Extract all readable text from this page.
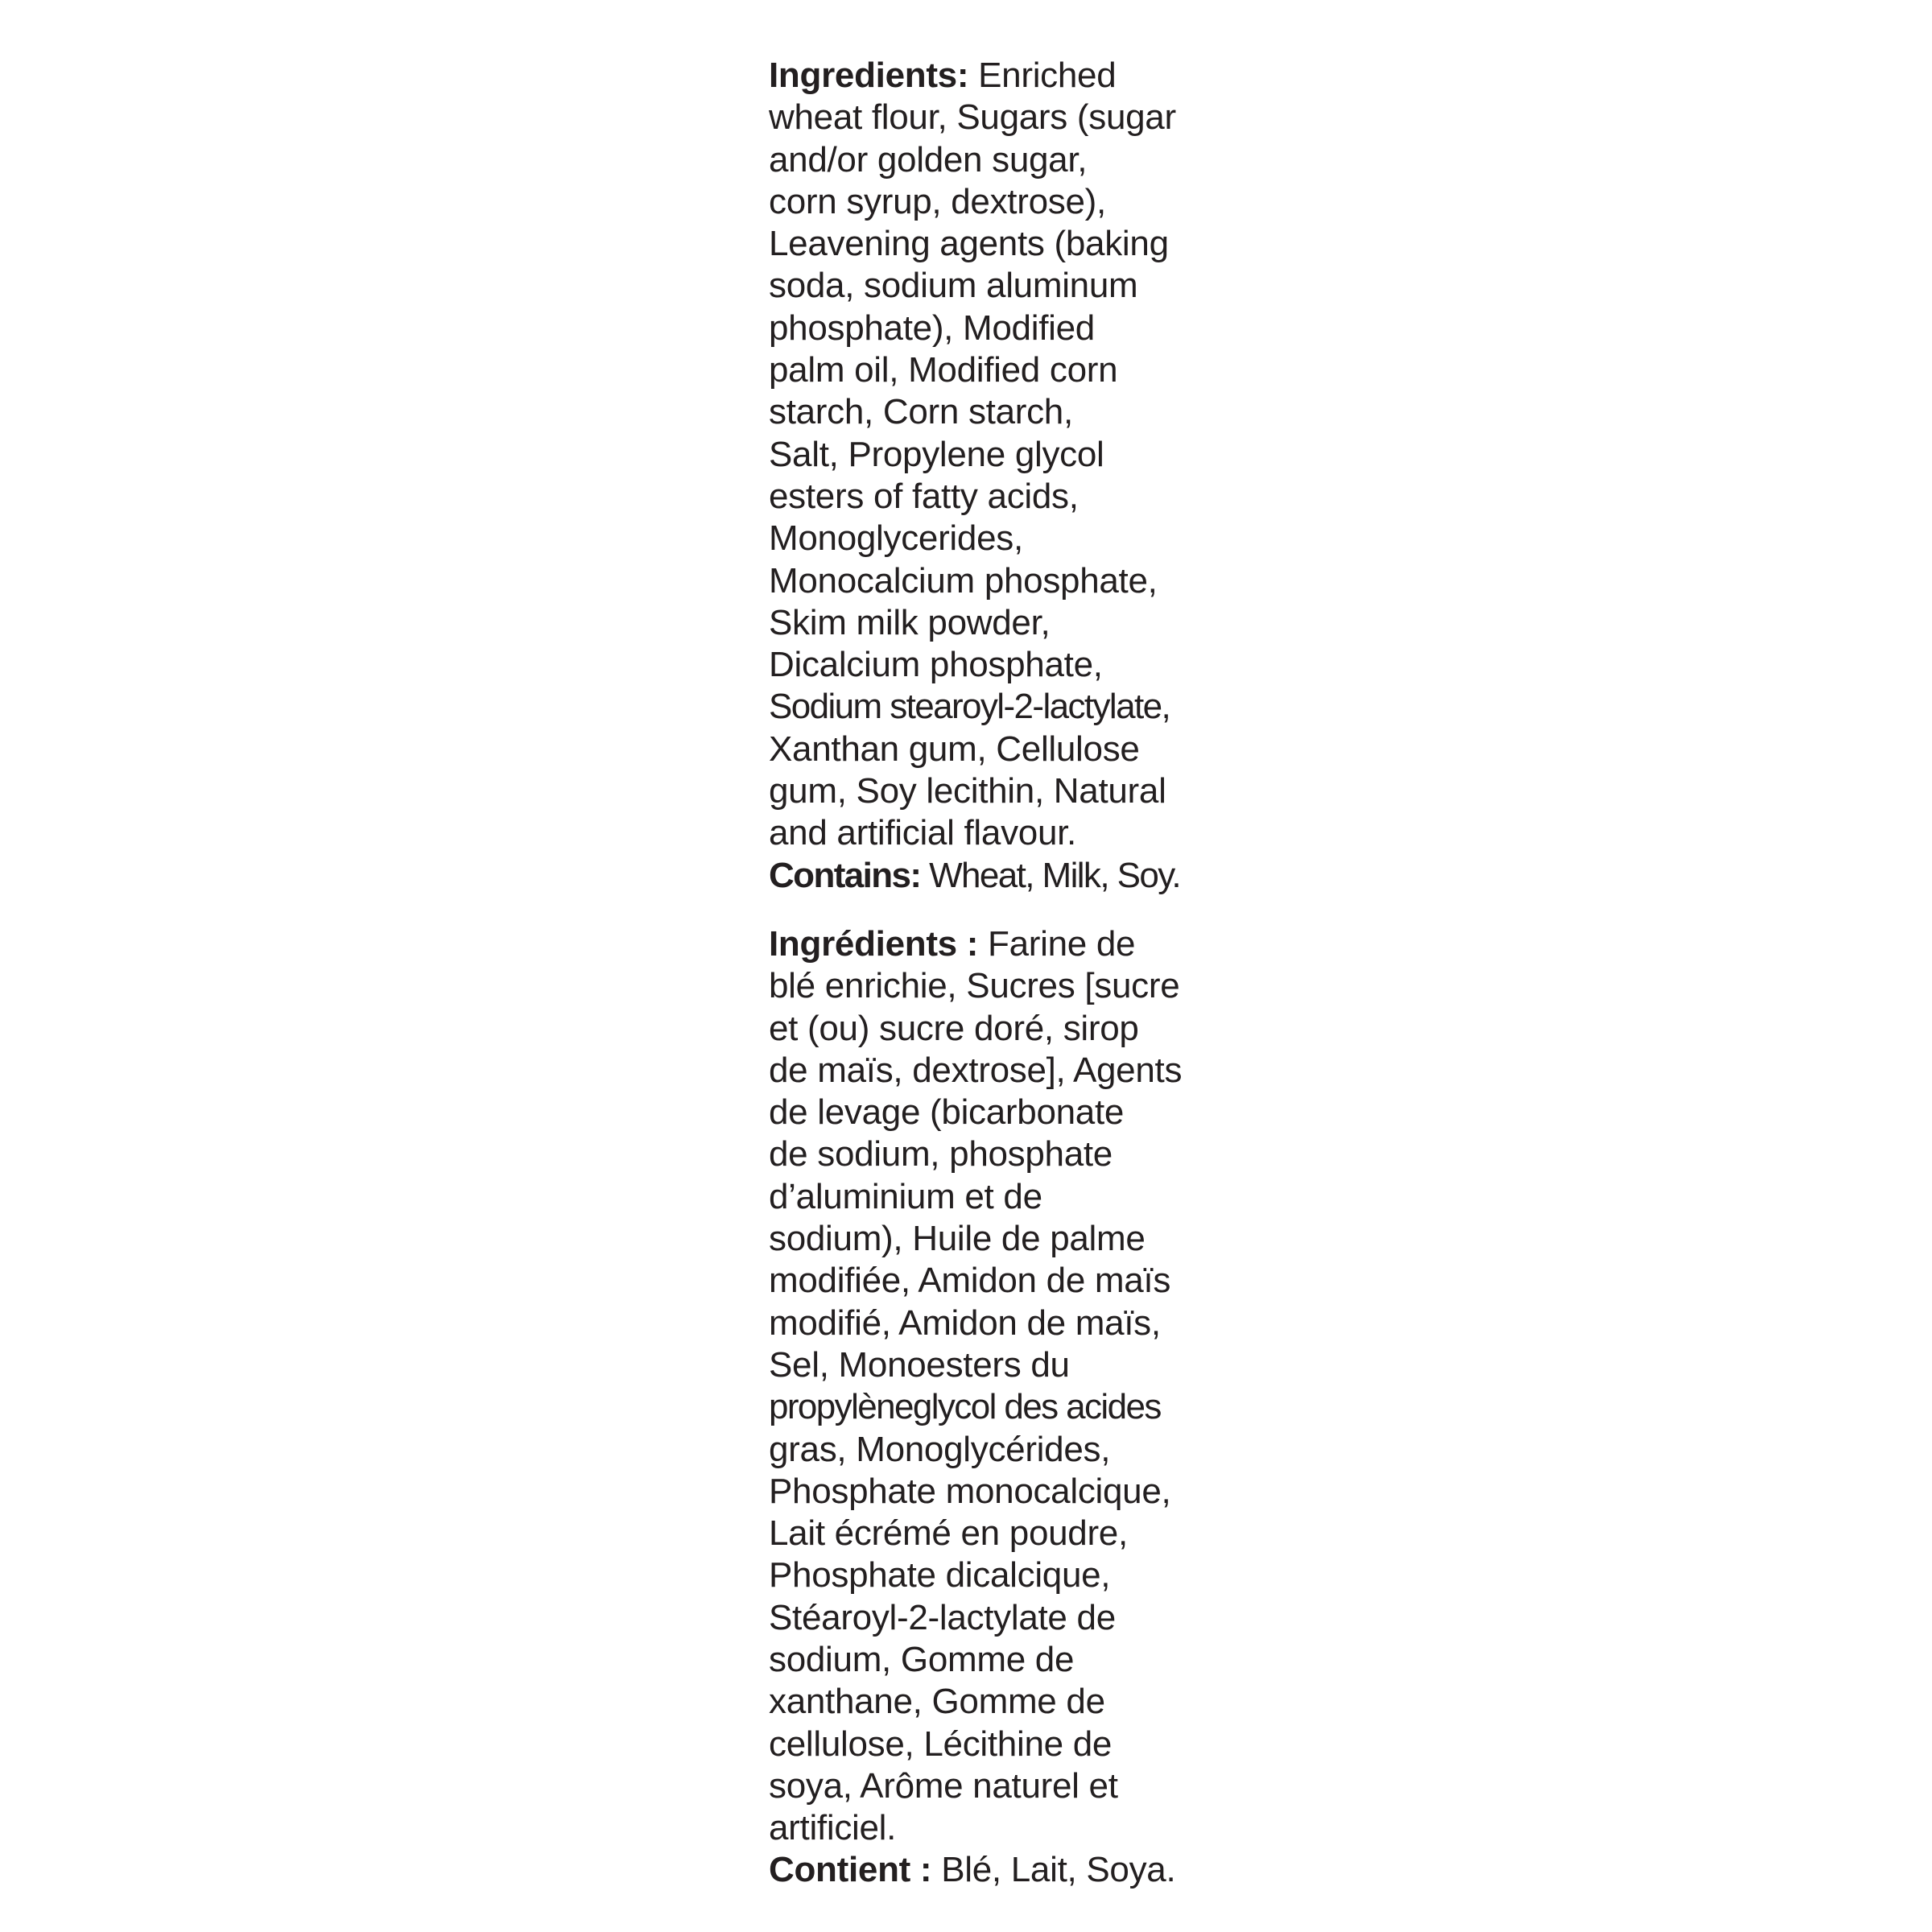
Ingredients: Enriched
wheat flour, Sugars (sugar
and/or golden sugar,
corn syrup, dextrose),
Leavening agents (baking
soda, sodium aluminum
phosphate), Modified
palm oil, Modified corn
starch, Corn starch,
Salt, Propylene glycol
esters of fatty acids,
Monoglycerides,
Monocalcium phosphate,
Skim milk powder,
Dicalcium phosphate,
Sodium stearoyl-2-lactylate,
Xanthan gum, Cellulose
gum, Soy lecithin, Natural
and artificial flavour.
Contains: Wheat, Milk, Soy.
Ingrédients : Farine de
blé enrichie, Sucres [sucre
et (ou) sucre doré, sirop
de maïs, dextrose], Agents
de levage (bicarbonate
de sodium, phosphate
d’aluminium et de
sodium), Huile de palme
modifiée, Amidon de maïs
modifié, Amidon de maïs,
Sel, Monoesters du
propylèneglycol des acides
gras, Monoglycérides,
Phosphate monocalcique,
Lait écrémé en poudre,
Phosphate dicalcique,
Stéaroyl-2-lactylate de
sodium, Gomme de
xanthane, Gomme de
cellulose, Lécithine de
soya, Arôme naturel et
artificiel.
Contient : Blé, Lait, Soya.
